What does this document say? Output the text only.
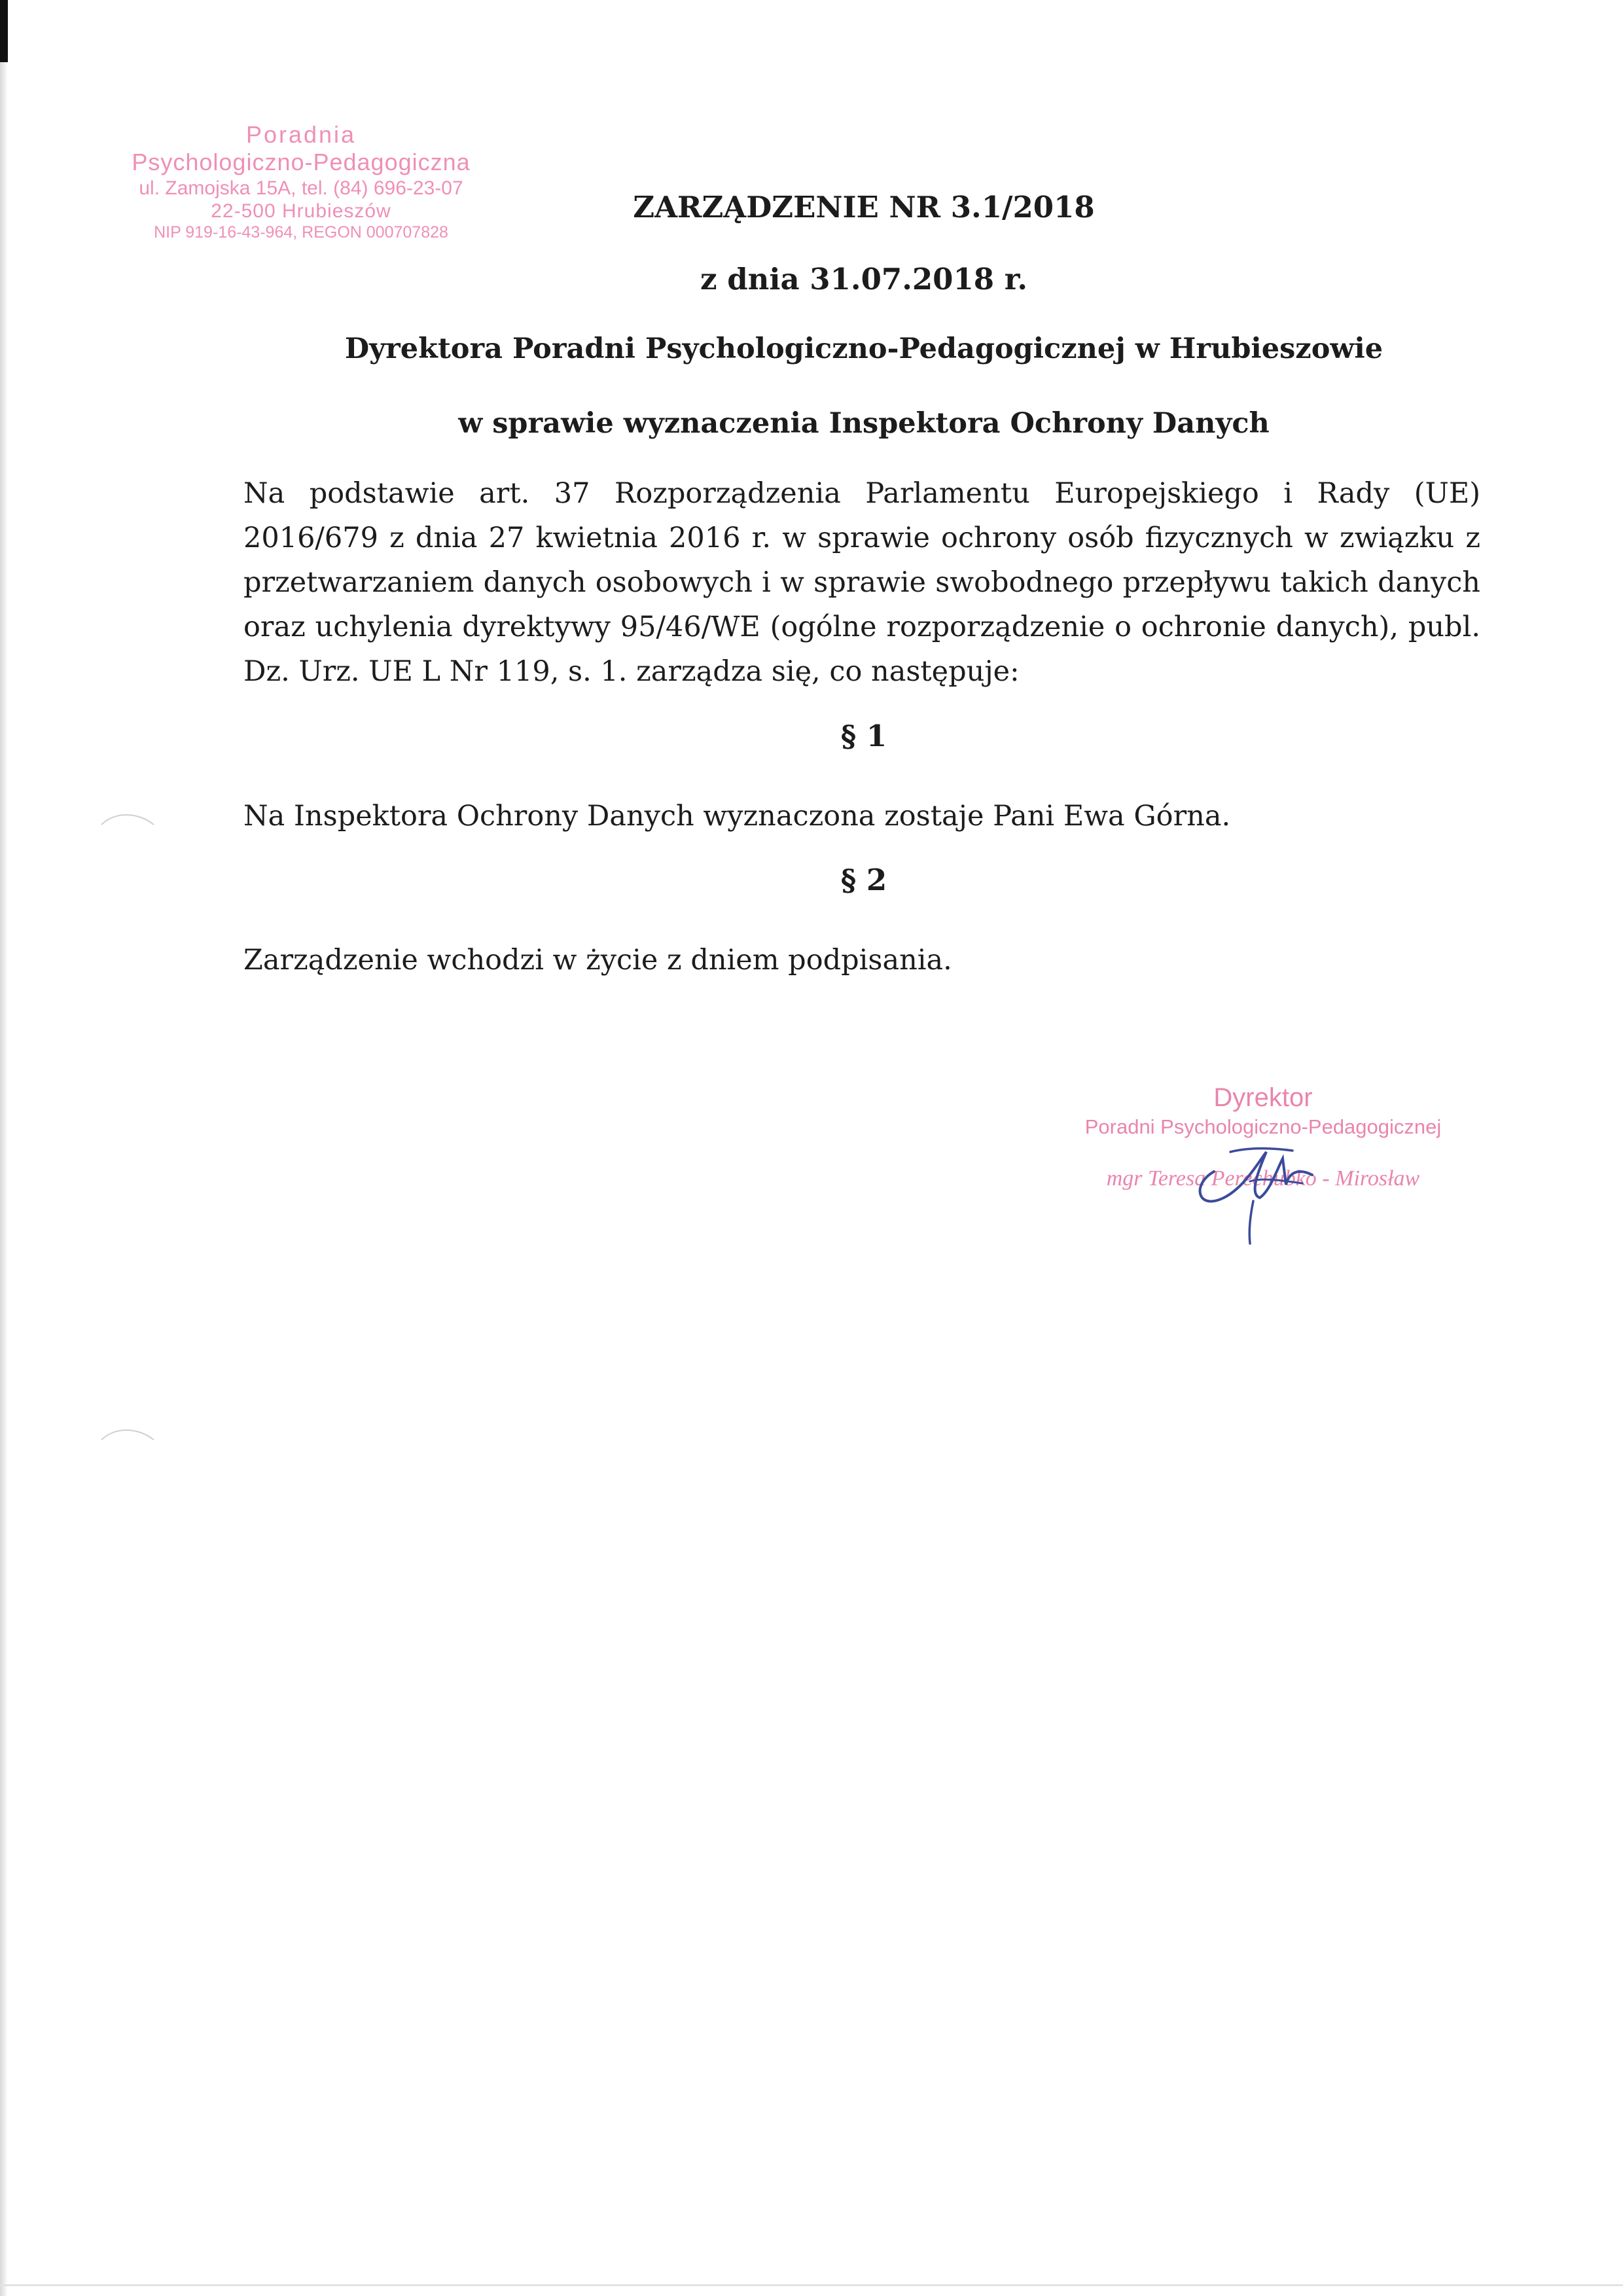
Poradnia
Psychologiczno-Pedagogiczna
ul. Zamojska 15A, tel. (84) 696-23-07
22-500 Hrubieszów
NIP 919-16-43-964, REGON 000707828
ZARZĄDZENIE NR 3.1/2018
z dnia 31.07.2018 r.
Dyrektora Poradni Psychologiczno-Pedagogicznej w Hrubieszowie
w sprawie wyznaczenia Inspektora Ochrony Danych
Na podstawie art. 37 Rozporządzenia Parlamentu Europejskiego i Rady (UE) 2016/679 z dnia 27 kwietnia 2016 r. w sprawie ochrony osób fizycznych w związku z przetwarzaniem danych osobowych i w sprawie swobodnego przepływu takich danych oraz uchylenia dyrektywy 95/46/WE (ogólne rozporządzenie o ochronie danych), publ. Dz. Urz. UE L Nr 119, s. 1. zarządza się, co następuje:
§ 1
Na Inspektora Ochrony Danych wyznaczona zostaje Pani Ewa Górna.
§ 2
Zarządzenie wchodzi w życie z dniem podpisania.
Dyrektor
Poradni Psychologiczno-Pedagogicznej
mgr Teresa Perechubko - Mirosław
